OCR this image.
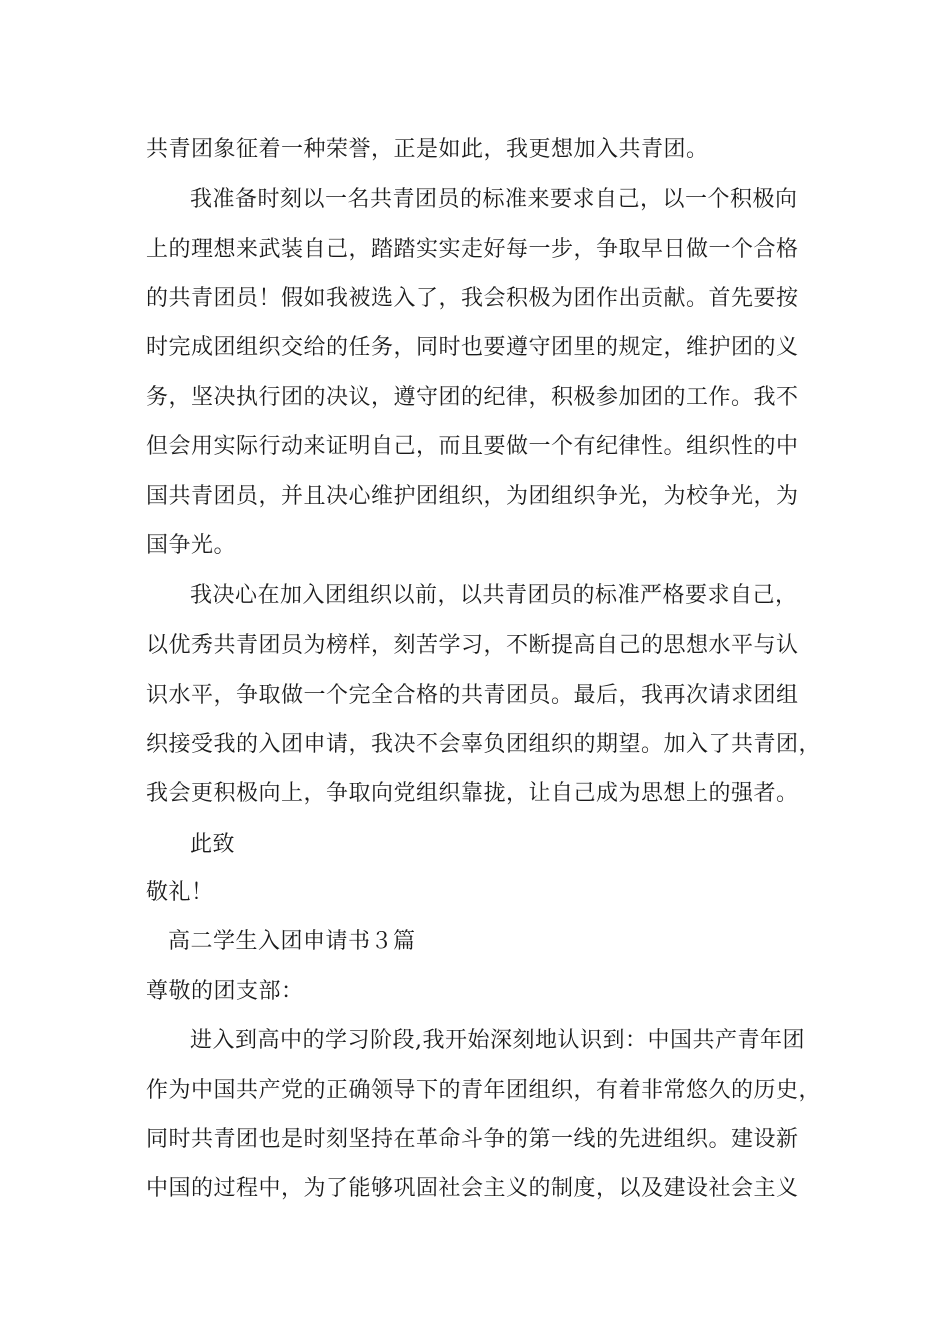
共青团象征着一种荣誉，正是如此，我更想加入共青团。
我准备时刻以一名共青团员的标准来要求自己，以一个积极向
上的理想来武装自己，踏踏实实走好每一步，争取早日做一个合格
的共青团员！假如我被选入了，我会积极为团作出贡献。首先要按
时完成团组织交给的任务，同时也要遵守团里的规定，维护团的义
务，坚决执行团的决议，遵守团的纪律，积极参加团的工作。我不
但会用实际行动来证明自己，而且要做一个有纪律性。组织性的中
国共青团员，并且决心维护团组织，为团组织争光，为校争光，为
国争光。
我决心在加入团组织以前，以共青团员的标准严格要求自己，
以优秀共青团员为榜样，刻苦学习，不断提高自己的思想水平与认
识水平，争取做一个完全合格的共青团员。最后，我再次请求团组
织接受我的入团申请，我决不会辜负团组织的期望。加入了共青团，
我会更积极向上，争取向党组织靠拢，让自己成为思想上的强者。
此致
敬礼！
高二学生入团申请书３篇
尊敬的团支部：
进入到高中的学习阶段,我开始深刻地认识到：中国共产青年团
作为中国共产党的正确领导下的青年团组织，有着非常悠久的历史，
同时共青团也是时刻坚持在革命斗争的第一线的先进组织。建设新
中国的过程中，为了能够巩固社会主义的制度，以及建设社会主义
